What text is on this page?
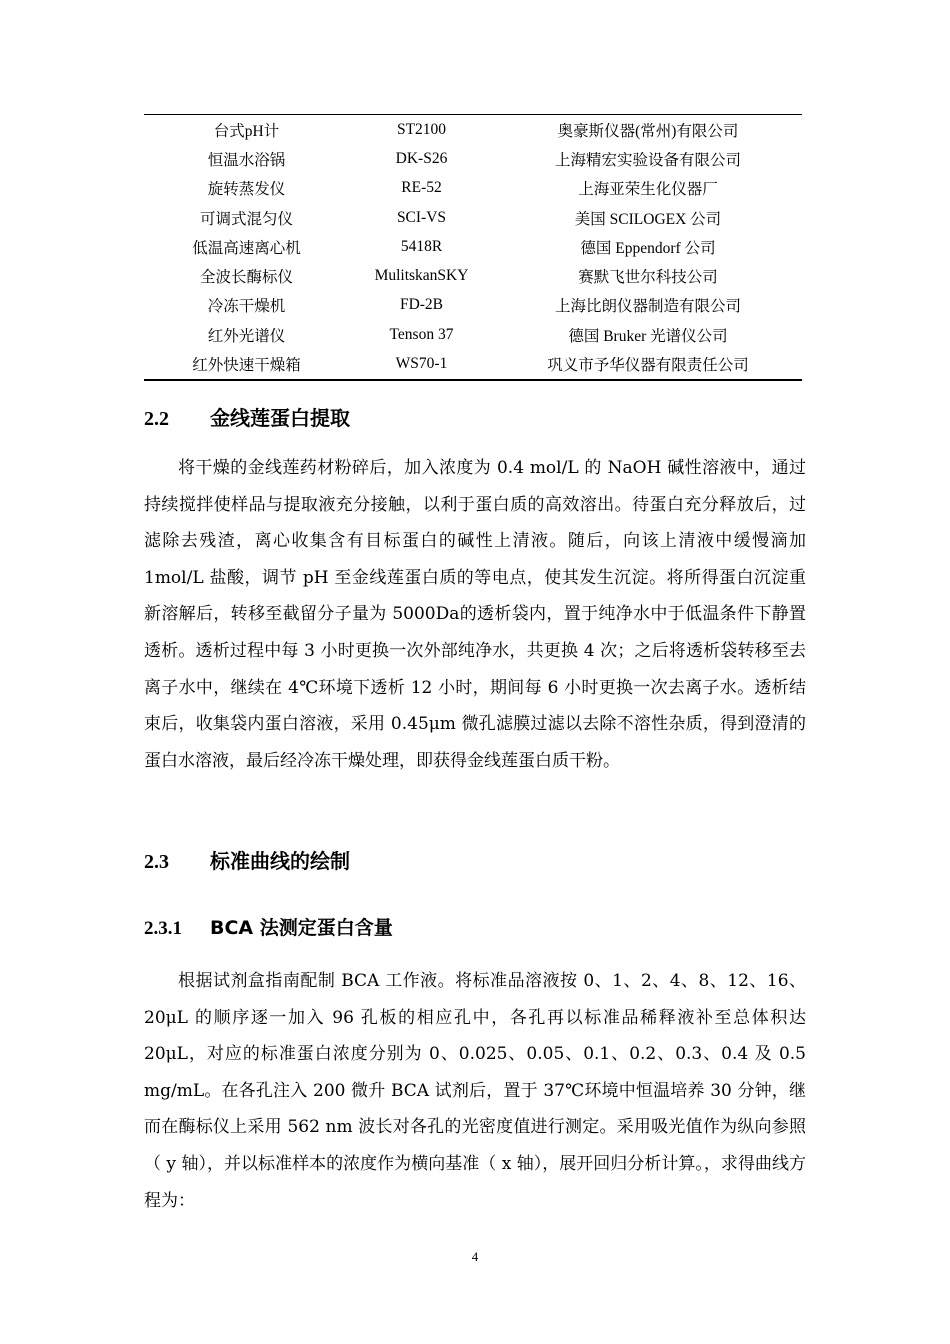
台式pH计	ST2100	奥豪斯仪器(常州)有限公司
恒温水浴锅	DK-S26	上海精宏实验设备有限公司
旋转蒸发仪	RE-52	上海亚荣生化仪器厂
可调式混匀仪	SCI-VS	美国 SCILOGEX 公司
低温高速离心机	5418R	德国 Eppendorf 公司
全波长酶标仪	MulitskanSKY	赛默飞世尔科技公司
冷冻干燥机	FD-2B	上海比朗仪器制造有限公司
红外光谱仪	Tenson 37	德国 Bruker 光谱仪公司
红外快速干燥箱	WS70-1	巩义市予华仪器有限责任公司
2.2 金线莲蛋白提取
将干燥的金线莲药材粉碎后，加入浓度为 0.4 mol/L 的 NaOH 碱性溶液中，通过持续搅拌使样品与提取液充分接触，以利于蛋白质的高效溶出。待蛋白充分释放后，过滤除去残渣，离心收集含有目标蛋白的碱性上清液。随后，向该上清液中缓慢滴加 1mol/L 盐酸，调节 pH 至金线莲蛋白质的等电点，使其发生沉淀。将所得蛋白沉淀重新溶解后，转移至截留分子量为 5000Da的透析袋内，置于纯净水中于低温条件下静置透析。透析过程中每 3 小时更换一次外部纯净水，共更换 4 次；之后将透析袋转移至去离子水中，继续在 4℃环境下透析 12 小时，期间每 6 小时更换一次去离子水。透析结束后，收集袋内蛋白溶液，采用 0.45μm 微孔滤膜过滤以去除不溶性杂质，得到澄清的蛋白水溶液，最后经冷冻干燥处理，即获得金线莲蛋白质干粉。
2.3 标准曲线的绘制
2.3.1 BCA 法测定蛋白含量
根据试剂盒指南配制 BCA 工作液。将标准品溶液按 0、1、2、4、8、12、16、20μL 的顺序逐一加入 96 孔板的相应孔中，各孔再以标准品稀释液补至总体积达 20μL，对应的标准蛋白浓度分别为 0、0.025、0.05、0.1、0.2、0.3、0.4 及 0.5 mg/mL。在各孔注入 200 微升 BCA 试剂后，置于 37℃环境中恒温培养 30 分钟，继而在酶标仪上采用 562 nm 波长对各孔的光密度值进行测定。采用吸光值作为纵向参照（ y 轴），并以标准样本的浓度作为横向基准（ x 轴），展开回归分析计算。，求得曲线方程为：
4
